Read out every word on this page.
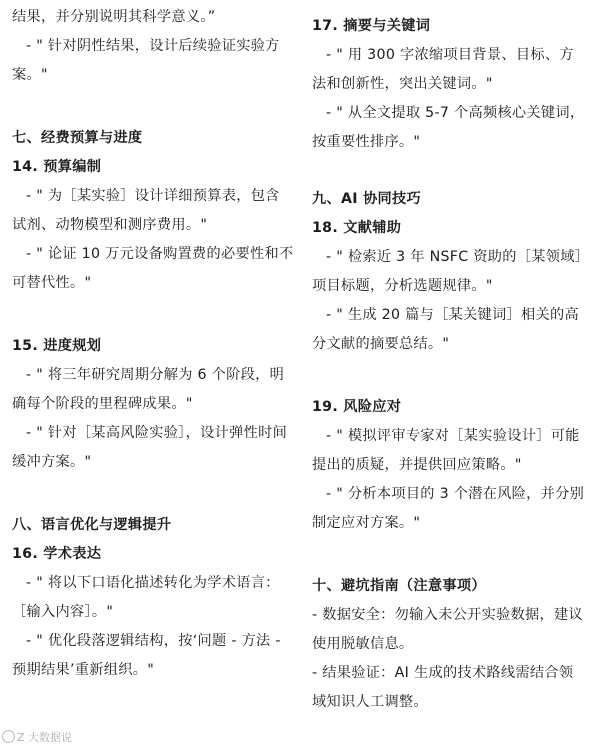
结果，并分别说明其科学意义。”

- " 针对阴性结果，设计后续验证实验方案。"

七、经费预算与进度

14. 预算编制

- " 为［某实验］设计详细预算表，包含试剂、动物模型和测序费用。"

- " 论证 10 万元设备购置费的必要性和不可替代性。"

15. 进度规划

- " 将三年研究周期分解为 6 个阶段，明确每个阶段的里程碑成果。"

- " 针对［某高风险实验］，设计弹性时间缓冲方案。"

八、语言优化与逻辑提升

16. 学术表达

- " 将以下口语化描述转化为学术语言：［输入内容］。"

- " 优化段落逻辑结构，按‘问题 - 方法 - 预期结果’重新组织。"

17. 摘要与关键词

- " 用 300 字浓缩项目背景、目标、方法和创新性，突出关键词。"

- " 从全文提取 5-7 个高频核心关键词，按重要性排序。"

九、AI 协同技巧

18. 文献辅助

- " 检索近 3 年 NSFC 资助的［某领域］项目标题，分析选题规律。"

- " 生成 20 篇与［某关键词］相关的高分文献的摘要总结。"

19. 风险应对

- " 模拟评审专家对［某实验设计］可能提出的质疑，并提供回应策略。"

- " 分析本项目的 3 个潜在风险，并分别制定应对方案。"

十、避坑指南（注意事项）

- 数据安全：勿输入未公开实验数据，建议使用脱敏信息。

- 结果验证：AI 生成的技术路线需结合领域知识人工调整。

Z 大数据说
